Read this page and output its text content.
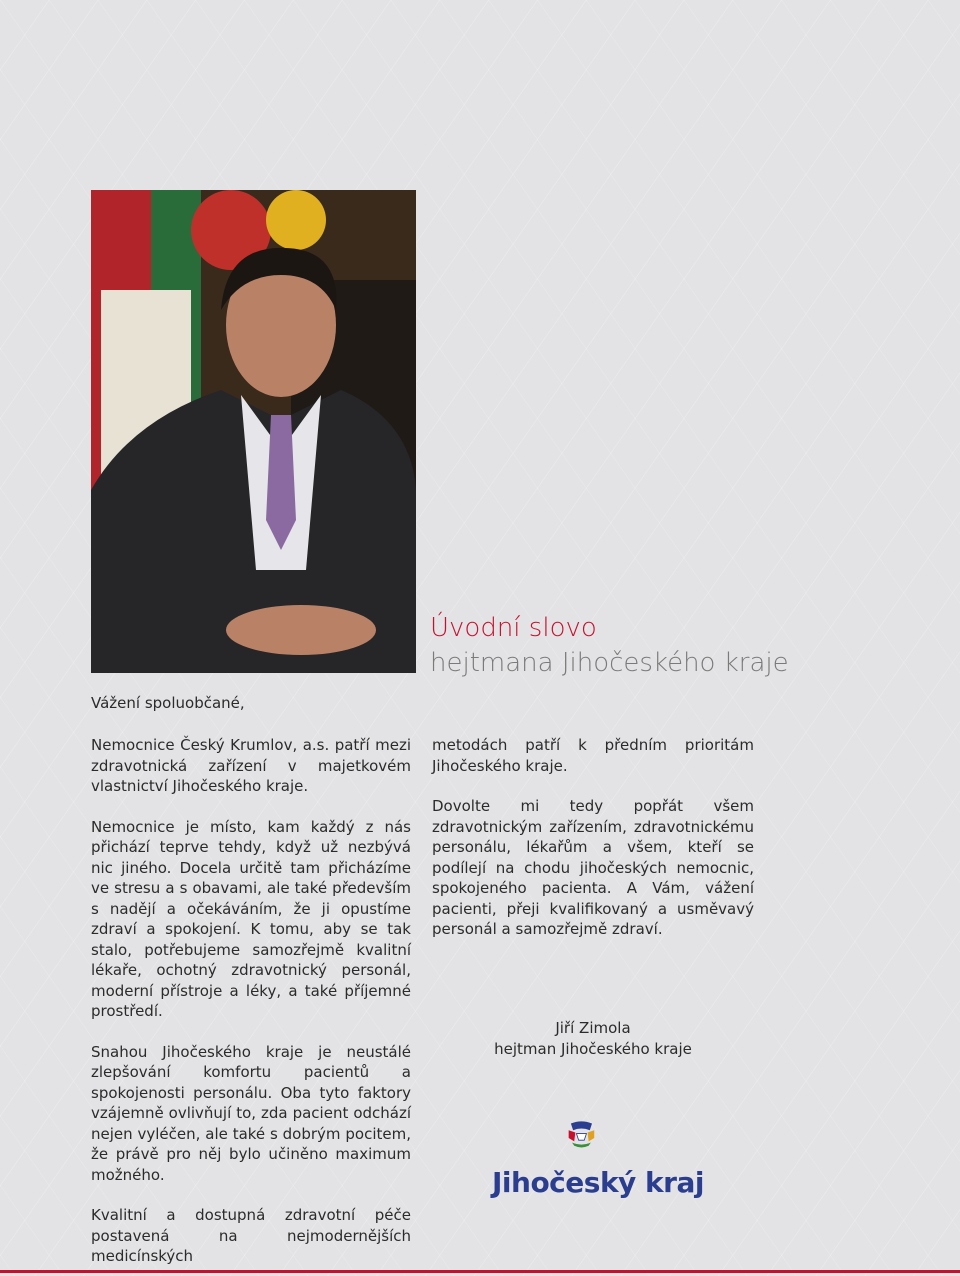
Úvodní slovo
hejtmana Jihočeského kraje
Vážení spoluobčané,

Nemocnice Český Krumlov, a.s. patří mezi zdravotnická zařízení v majetkovém vlastnictví Jihočeského kraje.

Nemocnice je místo, kam každý z nás přichází teprve tehdy, když už nezbývá nic jiného. Docela určitě tam přicházíme ve stresu a s obavami, ale také především s nadějí a očekáváním, že ji opustíme zdraví a spokojení. K tomu, aby se tak stalo, potřebujeme samozřejmě kvalitní lékaře, ochotný zdravotnický personál, moderní přístroje a léky, a také příjemné prostředí.

Snahou Jihočeského kraje je neustálé zlepšování komfortu pacientů a spokojenosti personálu. Oba tyto faktory vzájemně ovlivňují to, zda pacient odchází nejen vyléčen, ale také s dobrým pocitem, že právě pro něj bylo učiněno maximum možného.

Kvalitní a dostupná zdravotní péče postavená na nejmodernějších medicínských

metodách patří k předním prioritám Jihočeského kraje.

Dovolte mi tedy popřát všem zdravotnickým zařízením, zdravotnickému personálu, lékařům a všem, kteří se podílejí na chodu jihočeských nemocnic, spokojeného pacienta. A Vám, vážení pacienti, přeji kvalifikovaný a usměvavý personál a samozřejmě zdraví.

Jiří Zimola
hejtman Jihočeského kraje
Jihočeský kraj
